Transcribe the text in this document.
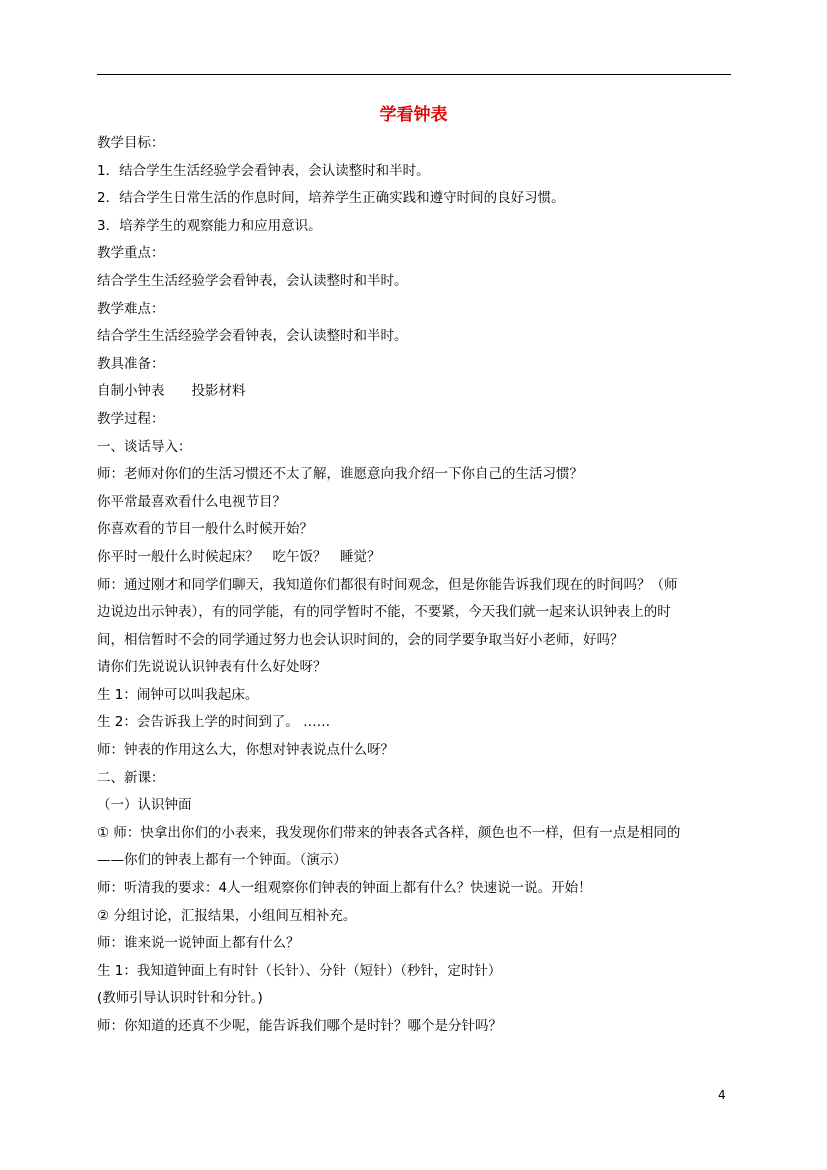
学看钟表
教学目标：
1．结合学生生活经验学会看钟表，会认读整时和半时。
2．结合学生日常生活的作息时间，培养学生正确实践和遵守时间的良好习惯。
3．培养学生的观察能力和应用意识。
教学重点：
结合学生生活经验学会看钟表，会认读整时和半时。
教学难点：
结合学生生活经验学会看钟表，会认读整时和半时。
教具准备：
自制小钟表　　投影材料
教学过程：
一、谈话导入：
师：老师对你们的生活习惯还不太了解，谁愿意向我介绍一下你自己的生活习惯？
你平常最喜欢看什么电视节目？
你喜欢看的节目一般什么时候开始？
你平时一般什么时候起床？　吃午饭？　睡觉？
师：通过刚才和同学们聊天，我知道你们都很有时间观念，但是你能告诉我们现在的时间吗？（师
边说边出示钟表），有的同学能，有的同学暂时不能，不要紧，今天我们就一起来认识钟表上的时
间，相信暂时不会的同学通过努力也会认识时间的，会的同学要争取当好小老师，好吗？
请你们先说说认识钟表有什么好处呀？
生 1：闹钟可以叫我起床。
生 2：会告诉我上学的时间到了。 ……
师：钟表的作用这么大，你想对钟表说点什么呀？
二、新课：
（一）认识钟面
① 师：快拿出你们的小表来，我发现你们带来的钟表各式各样，颜色也不一样，但有一点是相同的
——你们的钟表上都有一个钟面。（演示）
师：听清我的要求：4人一组观察你们钟表的钟面上都有什么？快速说一说。开始！
② 分组讨论，汇报结果，小组间互相补充。
师：谁来说一说钟面上都有什么？
生 1：我知道钟面上有时针（长针）、分针（短针）（秒针，定时针）
(教师引导认识时针和分针。)
师：你知道的还真不少呢，能告诉我们哪个是时针？哪个是分针吗？
4
